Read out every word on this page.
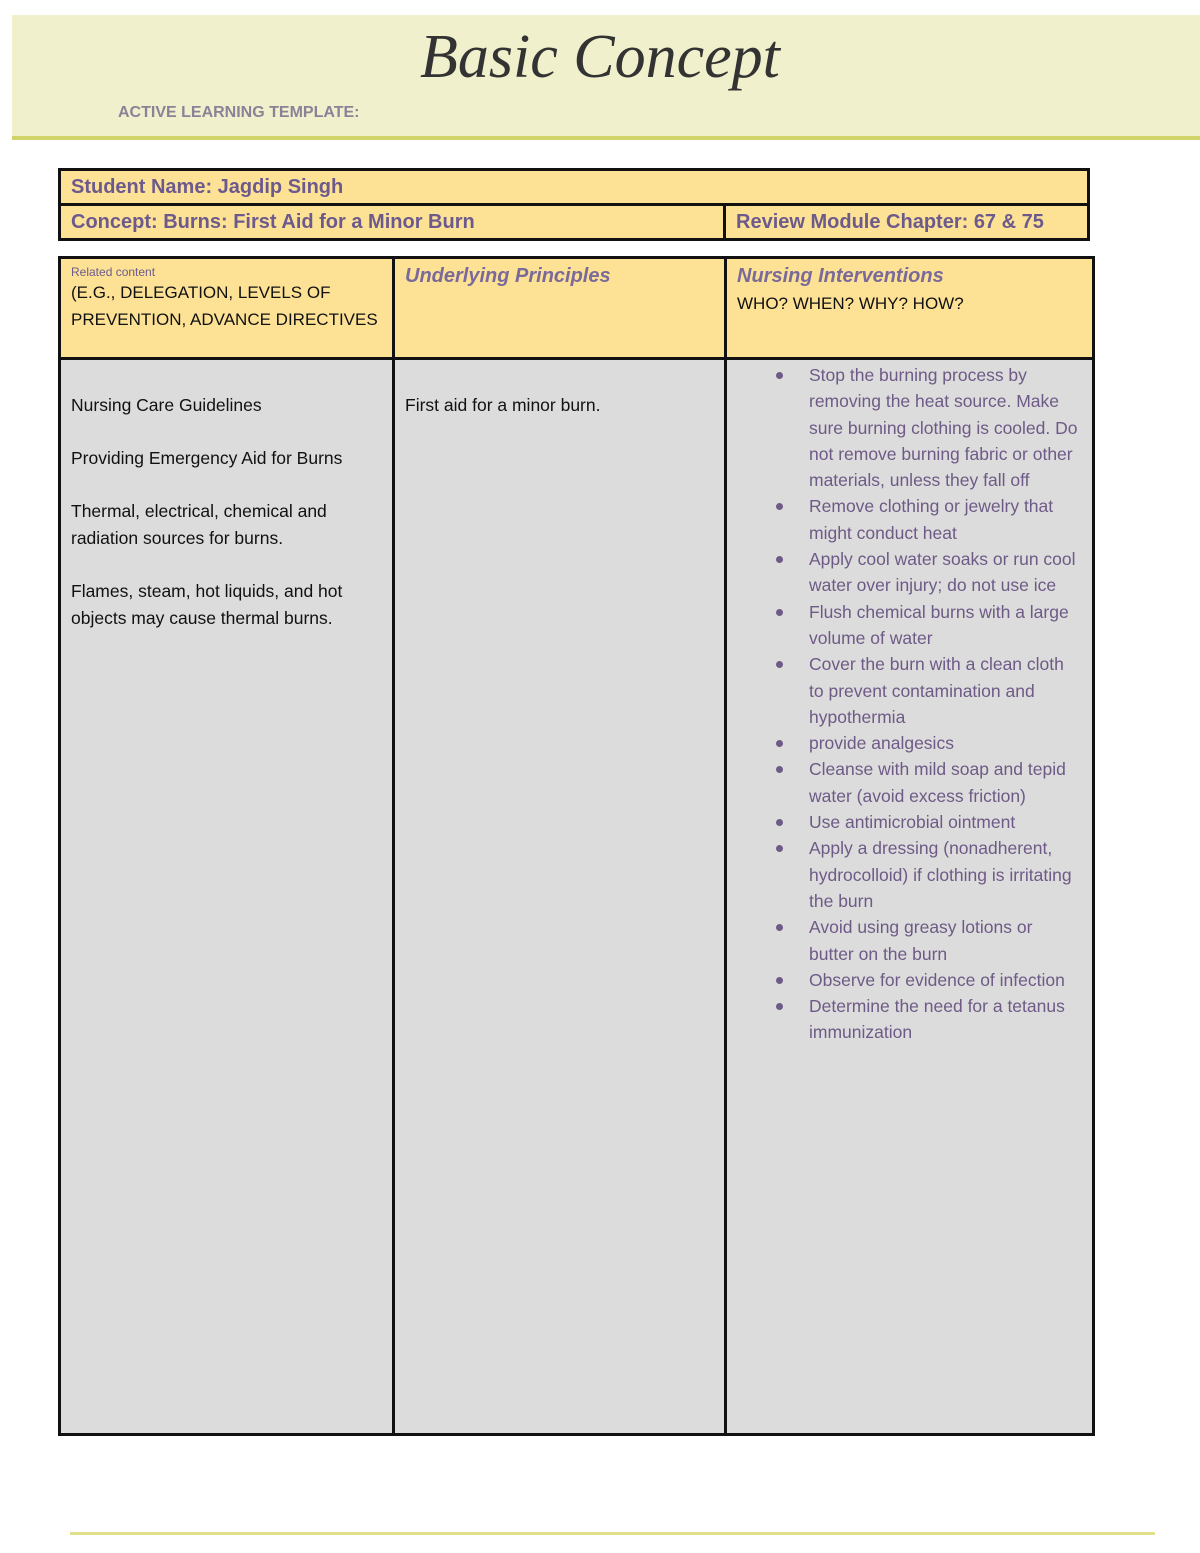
Basic Concept
ACTIVE LEARNING TEMPLATE:
Student Name: Jagdip Singh
Concept: Burns: First Aid for a Minor Burn	Review Module Chapter: 67 & 75
Related content
(E.G., DELEGATION, LEVELS OF PREVENTION, ADVANCE DIRECTIVES
Underlying Principles	Nursing Interventions
WHO? WHEN? WHY? HOW?

Nursing Care Guidelines

Providing Emergency Aid for Burns

Thermal, electrical, chemical and radiation sources for burns.

Flames, steam, hot liquids, and hot objects may cause thermal burns.

First aid for a minor burn.

Stop the burning process by removing the heat source. Make sure burning clothing is cooled. Do not remove burning fabric or other materials, unless they fall off
Remove clothing or jewelry that might conduct heat
Apply cool water soaks or run cool water over injury; do not use ice
Flush chemical burns with a large volume of water
Cover the burn with a clean cloth to prevent contamination and hypothermia
provide analgesics
Cleanse with mild soap and tepid water (avoid excess friction)
Use antimicrobial ointment
Apply a dressing (nonadherent, hydrocolloid) if clothing is irritating the burn
Avoid using greasy lotions or butter on the burn
Observe for evidence of infection
Determine the need for a tetanus immunization
